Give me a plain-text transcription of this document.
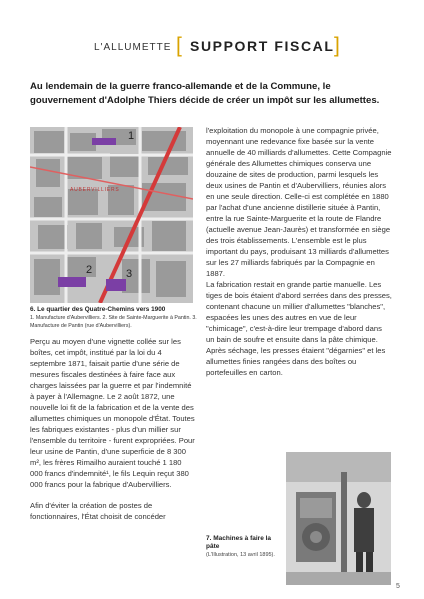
L'ALLUMETTE [ SUPPORT FISCAL ]
Au lendemain de la guerre franco-allemande et de la Commune, le gouvernement d'Adolphe Thiers décide de créer un impôt sur les allumettes.
1
2	3
AUBERVILLIERS
6. Le quartier des Quatre-Chemins vers 1900
1. Manufacture d'Aubervilliers. 2. Site de Sainte-Marguerite à Pantin. 3. Manufacture de Pantin (rue d'Aubervilliers).

Perçu au moyen d'une vignette collée sur les boîtes, cet impôt, institué par la loi du 4 septembre 1871, faisait partie d'une série de mesures fiscales destinées à faire face aux charges laissées par la guerre et par l'indemnité à payer à l'Allemagne. Le 2 août 1872, une nouvelle loi fit de la fabrication et de la vente des allumettes chimiques un monopole d'État. Toutes les fabriques existantes - plus d'un millier sur l'ensemble du territoire - furent expropriées. Pour leur usine de Pantin, d'une superficie de 8 300 m², les frères Rimailho auraient touché 1 180 000 francs d'indemnité¹, le fils Lequin reçut 380 000 francs pour la fabrique d'Aubervilliers.

Afin d'éviter la création de postes de fonctionnaires, l'État choisit de concéder

l'exploitation du monopole à une compagnie privée, moyennant une redevance fixe basée sur la vente annuelle de 40 milliards d'allumettes. Cette Compagnie générale des Allumettes chimiques conserva une douzaine de sites de production, parmi lesquels les deux usines de Pantin et d'Aubervilliers, réunies alors en une seule direction. Celle-ci est complétée en 1880 par l'achat d'une ancienne distillerie située à Pantin, entre la rue Sainte-Marguerite et la route de Flandre (actuelle avenue Jean-Jaurès) et transformée en siège des trois établissements. L'ensemble est le plus important du pays, produisant 13 milliards d'allumettes sur les 27 milliards fabriqués par la Compagnie en 1887.

La fabrication restait en grande partie manuelle. Les tiges de bois étaient d'abord serrées dans des presses, contenant chacune un millier d'allumettes "blanches", espacées les unes des autres en vue de leur "chimicage", c'est-à-dire leur trempage d'abord dans un bain de soufre et ensuite dans la pâte chimique. Après séchage, les presses étaient "dégarnies" et les allumettes finies rangées dans des boîtes ou portefeuilles en carton.

7. Machines à faire la pâte
(L'Illustration, 13 avril 1895).
5
